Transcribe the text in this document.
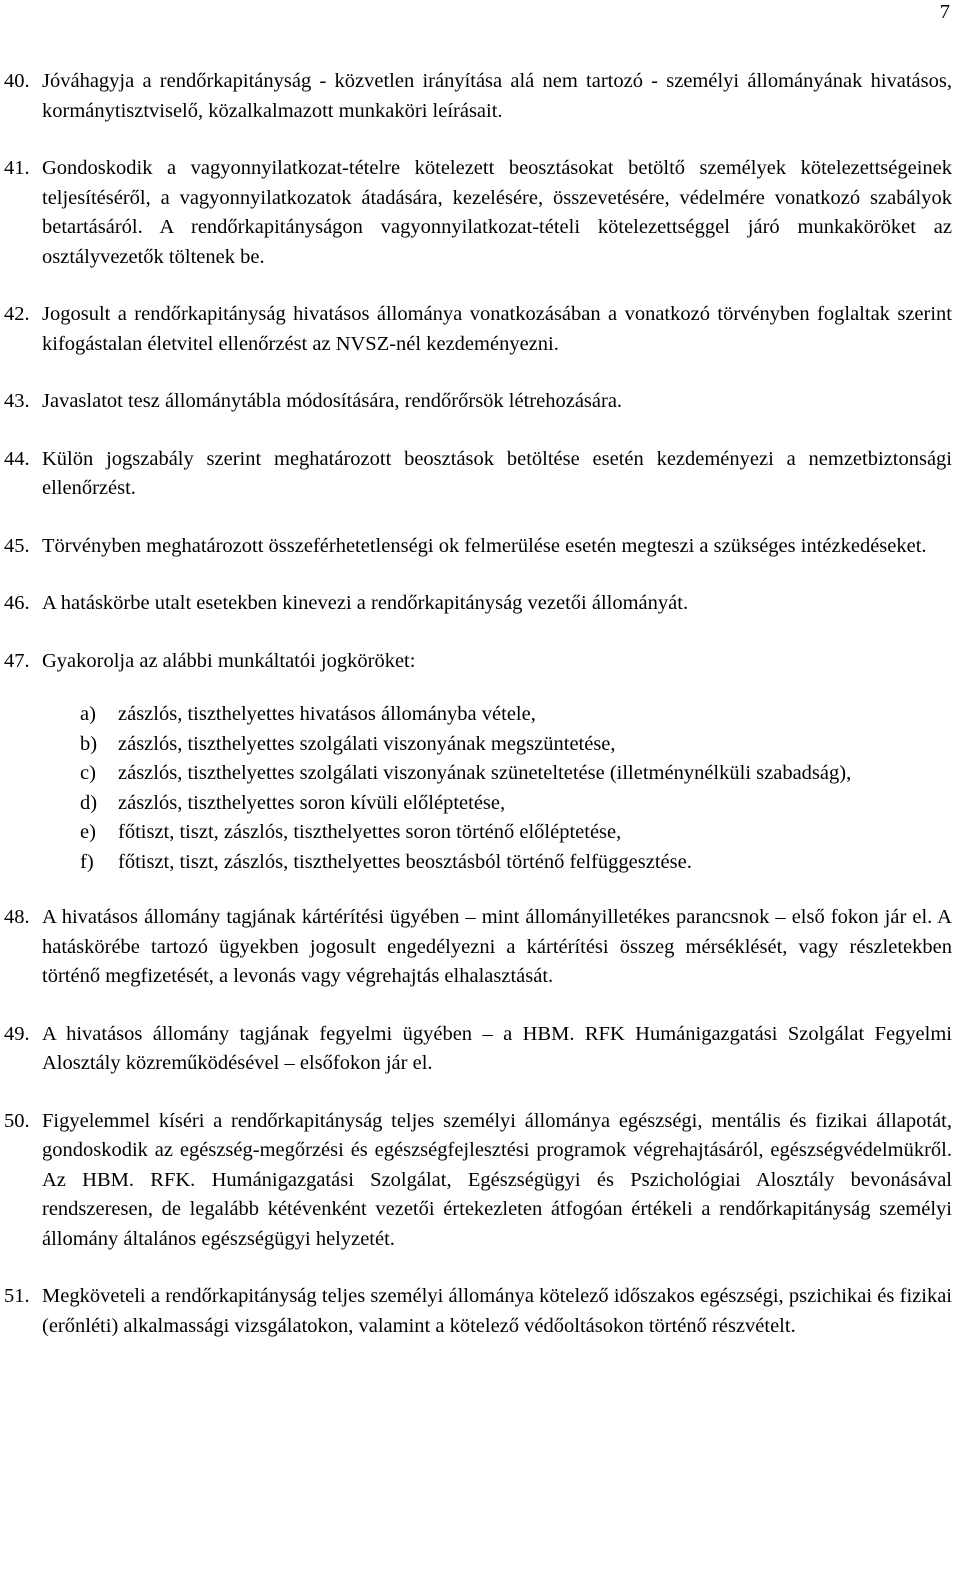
7
40. Jóváhagyja a rendőrkapitányság - közvetlen irányítása alá nem tartozó - személyi állományának hivatásos, kormánytisztviselő, közalkalmazott munkaköri leírásait.
41. Gondoskodik a vagyonnyilatkozat-tételre kötelezett beosztásokat betöltő személyek kötelezettségeinek teljesítéséről, a vagyonnyilatkozatok átadására, kezelésére, összevetésére, védelmére vonatkozó szabályok betartásáról. A rendőrkapitányságon vagyonnyilatkozat-tételi kötelezettséggel járó munkaköröket az osztályvezetők töltenek be.
42. Jogosult a rendőrkapitányság hivatásos állománya vonatkozásában a vonatkozó törvényben foglaltak szerint kifogástalan életvitel ellenőrzést az NVSZ-nél kezdeményezni.
43. Javaslatot tesz állománytábla módosítására, rendőrőrsök létrehozására.
44. Külön jogszabály szerint meghatározott beosztások betöltése esetén kezdeményezi a nemzetbiztonsági ellenőrzést.
45. Törvényben meghatározott összeférhetetlenségi ok felmerülése esetén megteszi a szükséges intézkedéseket.
46. A hatáskörbe utalt esetekben kinevezi a rendőrkapitányság vezetői állományát.
47. Gyakorolja az alábbi munkáltatói jogköröket:
a)	zászlós, tiszthelyettes hivatásos állományba vétele,
b)	zászlós, tiszthelyettes szolgálati viszonyának megszüntetése,
c)	zászlós, tiszthelyettes szolgálati viszonyának szüneteltetése (illetménynélküli szabadság),
d)	zászlós, tiszthelyettes soron kívüli előléptetése,
e)	főtiszt, tiszt, zászlós, tiszthelyettes soron történő előléptetése,
f)	főtiszt, tiszt, zászlós, tiszthelyettes beosztásból történő felfüggesztése.
48. A hivatásos állomány tagjának kártérítési ügyében – mint állományilletékes parancsnok – első fokon jár el. A hatáskörébe tartozó ügyekben jogosult engedélyezni a kártérítési összeg mérséklését, vagy részletekben történő megfizetését, a levonás vagy végrehajtás elhalasztását.
49. A hivatásos állomány tagjának fegyelmi ügyében – a HBM. RFK Humánigazgatási Szolgálat Fegyelmi Alosztály közreműködésével – elsőfokon jár el.
50. Figyelemmel kíséri a rendőrkapitányság teljes személyi állománya egészségi, mentális és fizikai állapotát, gondoskodik az egészség-megőrzési és egészségfejlesztési programok végrehajtásáról, egészségvédelmükről. Az HBM. RFK. Humánigazgatási Szolgálat, Egészségügyi és Pszichológiai Alosztály bevonásával rendszeresen, de legalább kétévenként vezetői értekezleten átfogóan értékeli a rendőrkapitányság személyi állomány általános egészségügyi helyzetét.
51. Megköveteli a rendőrkapitányság teljes személyi állománya kötelező időszakos egészségi, pszichikai és fizikai (erőnléti) alkalmassági vizsgálatokon, valamint a kötelező védőoltásokon történő részvételt.
